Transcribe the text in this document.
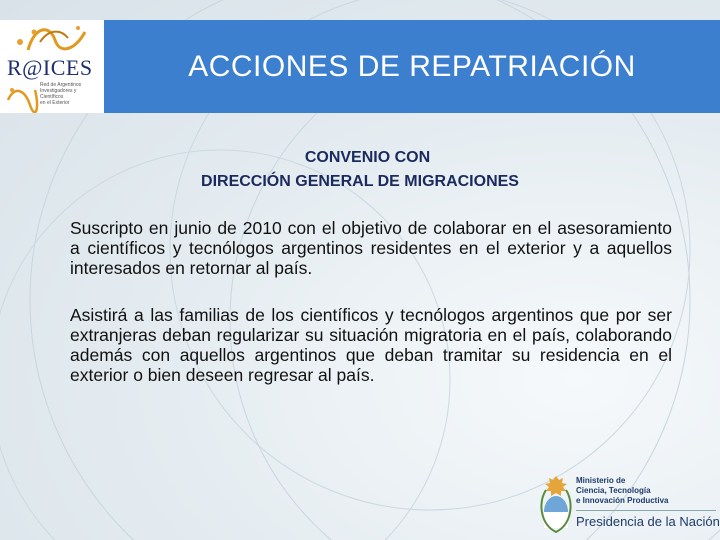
R@ICES
Red de Argentinos
Investigadores y
Científicos
en el Exterior
ACCIONES DE REPATRIACIÓN
CONVENIO CON
DIRECCIÓN GENERAL DE MIGRACIONES
Suscripto en junio de 2010 con el objetivo de colaborar en el asesoramiento a científicos y tecnólogos argentinos residentes en el exterior y a aquellos interesados en retornar al país.
Asistirá a las familias de los científicos y tecnólogos argentinos que por ser extranjeras deban regularizar su situación migratoria en el país, colaborando además con aquellos argentinos que deban tramitar su residencia en el exterior o bien deseen regresar al país.
Ministerio de
Ciencia, Tecnología
e Innovación Productiva
Presidencia de la Nación
